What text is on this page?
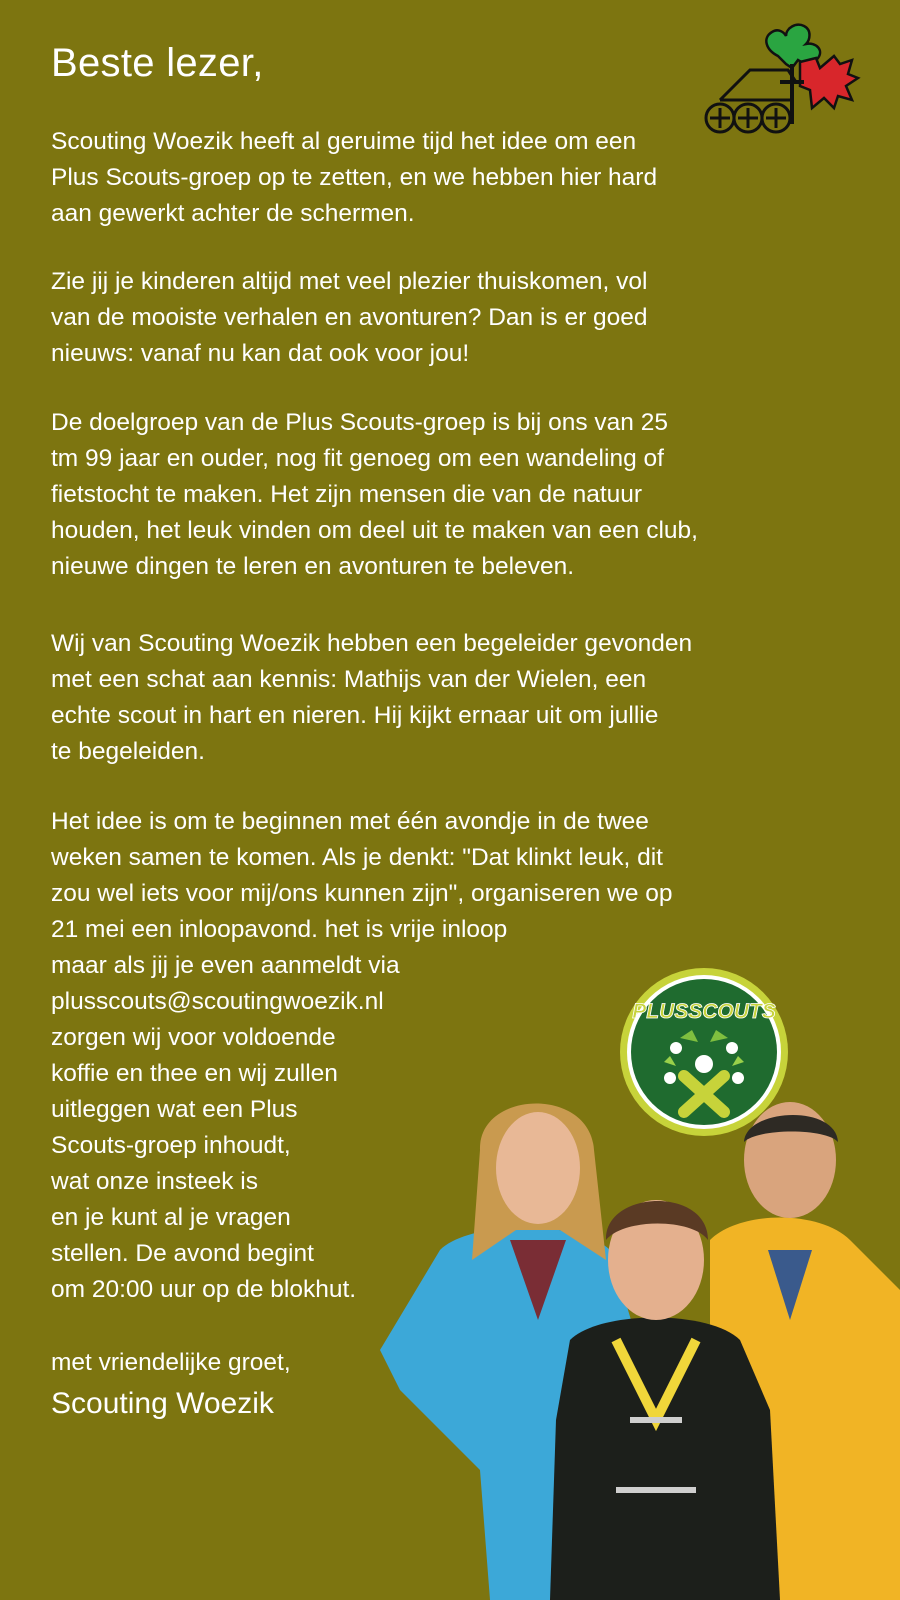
Beste lezer,

Scouting Woezik heeft al geruime tijd het idee om een
Plus Scouts-groep op te zetten, en we hebben hier hard
aan gewerkt achter de schermen.

Zie jij je kinderen altijd met veel plezier thuiskomen, vol
van de mooiste verhalen en avonturen? Dan is er goed
nieuws: vanaf nu kan dat ook voor jou!

De doelgroep van de Plus Scouts-groep is bij ons van 25
tm 99 jaar en ouder, nog fit genoeg om een wandeling of
fietstocht te maken. Het zijn mensen die van de natuur
houden, het leuk vinden om deel uit te maken van een club,
nieuwe dingen te leren en avonturen te beleven.

Wij van Scouting Woezik hebben een begeleider gevonden
met een schat aan kennis: Mathijs van der Wielen, een
echte scout in hart en nieren. Hij kijkt ernaar uit om jullie
te begeleiden.

Het idee is om te beginnen met één avondje in de twee
weken samen te komen. Als je denkt: "Dat klinkt leuk, dit
zou wel iets voor mij/ons kunnen zijn", organiseren we op
21 mei een inloopavond. het is vrije inloop
maar als jij je even aanmeldt via
plusscouts@scoutingwoezik.nl
zorgen wij voor voldoende
koffie en thee en wij zullen
uitleggen wat een Plus
Scouts-groep inhoudt,
wat onze insteek is
en je kunt al je vragen
stellen. De avond begint
om 20:00 uur op de blokhut.

met vriendelijke groet,

Scouting Woezik

PLUSSCOUTS
